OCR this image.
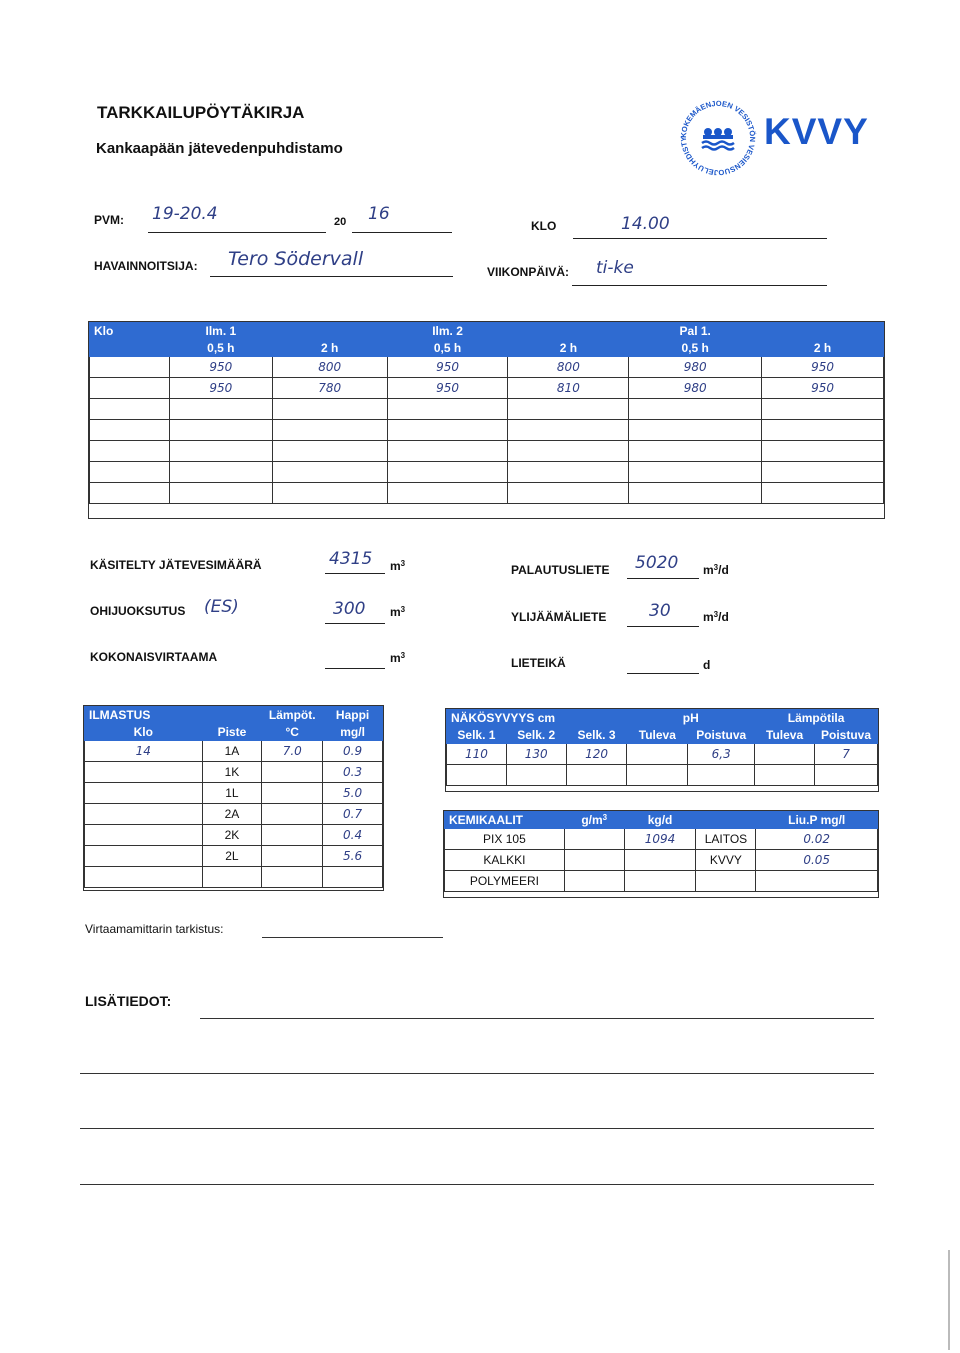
TARKKAILUPÖYTÄKIRJA
Kankaapään jätevedenpuhdistamo
KOKEMÄENJOEN VESISTÖN VESIENSUOJELUYHDISTY	KVVY
PVM: 19-20.4	20 16
KLO	14.00
HAVAINNOITSIJA: Tero Södervall
VIIKONPÄIVÄ: ti-ke
Klo	Ilm. 1		Ilm. 2		Pal 1.	
	0,5 h	2 h	0,5 h	2 h	0,5 h	2 h
	950	800	950	800	980	950
	950	780	950	810	980	950

KÄSITELTY JÄTEVESIMÄÄRÄ	4315 $m^3$
OHIJUOKSUTUS (ES)	300 $m^3$
KOKONAISVIRTAAMA	$m^3$
PALAUTUSLIETE 5020 $m^3/d$
YLIJÄÄMÄLIETE	30	$m^3/d$
LIETEIKÄ	d
ILMASTUS		Lämpöt.	Happi
Klo	Piste	°C	mg/l
14	1A	7.0	0.9
	1K		0.3
	1L		5.0
	2A		0.7
	2K		0.4
	2L		5.6

NÄKÖSYVYYS cm			pH		Lämpötila	
Selk. 1	Selk. 2	Selk. 3	Tuleva	Poistuva	Tuleva	Poistuva
110	130	120		6,3		7

KEMIKAALIT	$g/m^3$	kg/d		Liu.P mg/l
PIX 105		1094	LAITOS	0.02
KALKKI			KVVY	0.05
POLYMEERI				
Virtaamamittarin tarkistus:
LISÄTIEDOT:
